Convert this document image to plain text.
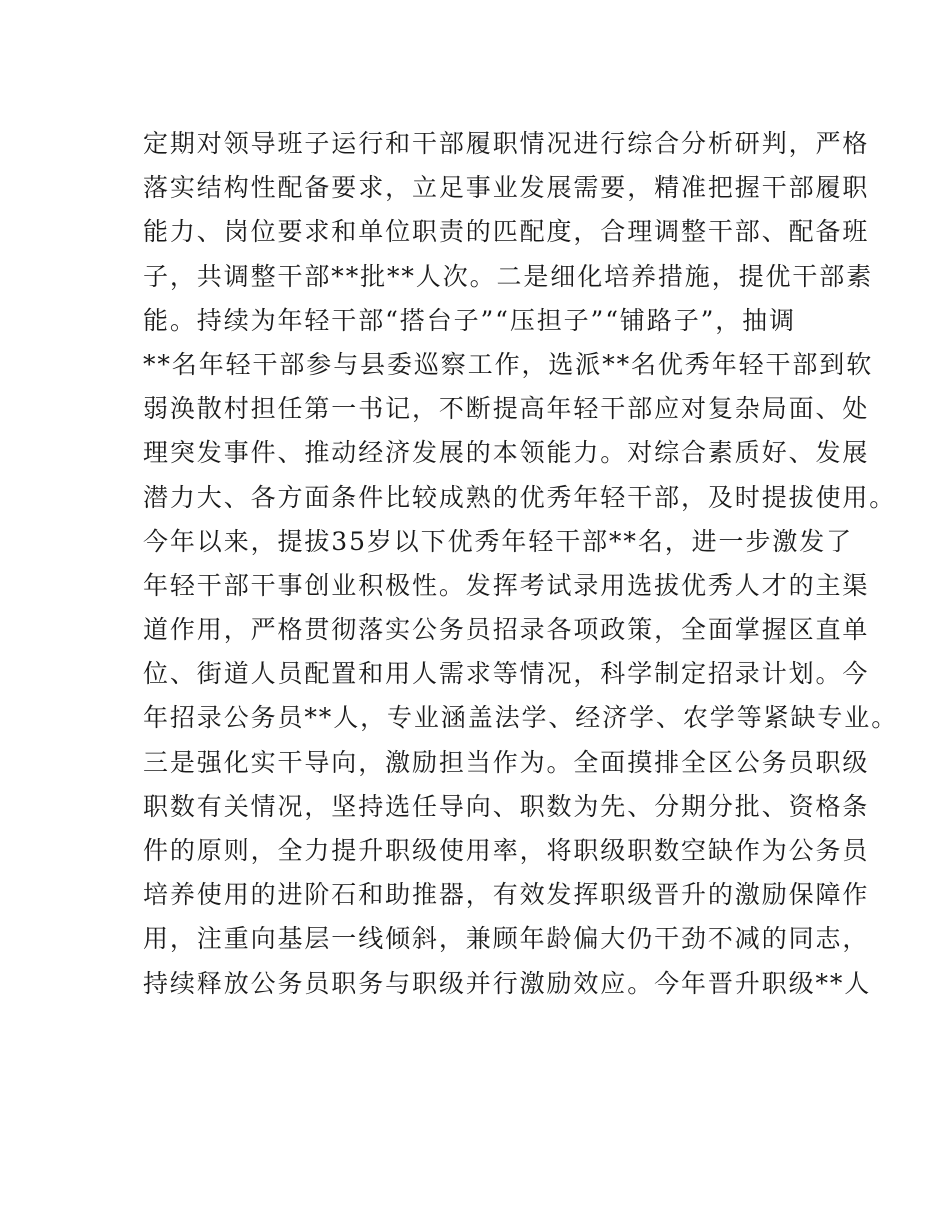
定期对领导班子运行和干部履职情况进行综合分析研判，严格
落实结构性配备要求，立足事业发展需要，精准把握干部履职
能力、岗位要求和单位职责的匹配度，合理调整干部、配备班
子，共调整干部**批**人次。二是细化培养措施，提优干部素
能。持续为年轻干部“搭台子”“压担子”“铺路子”，抽调
**名年轻干部参与县委巡察工作，选派**名优秀年轻干部到软
弱涣散村担任第一书记，不断提高年轻干部应对复杂局面、处
理突发事件、推动经济发展的本领能力。对综合素质好、发展
潜力大、各方面条件比较成熟的优秀年轻干部，及时提拔使用。
今年以来，提拔35岁以下优秀年轻干部**名，进一步激发了
年轻干部干事创业积极性。发挥考试录用选拔优秀人才的主渠
道作用，严格贯彻落实公务员招录各项政策，全面掌握区直单
位、街道人员配置和用人需求等情况，科学制定招录计划。今
年招录公务员**人，专业涵盖法学、经济学、农学等紧缺专业。
三是强化实干导向，激励担当作为。全面摸排全区公务员职级
职数有关情况，坚持选任导向、职数为先、分期分批、资格条
件的原则，全力提升职级使用率，将职级职数空缺作为公务员
培养使用的进阶石和助推器，有效发挥职级晋升的激励保障作
用，注重向基层一线倾斜，兼顾年龄偏大仍干劲不减的同志，
持续释放公务员职务与职级并行激励效应。今年晋升职级**人
